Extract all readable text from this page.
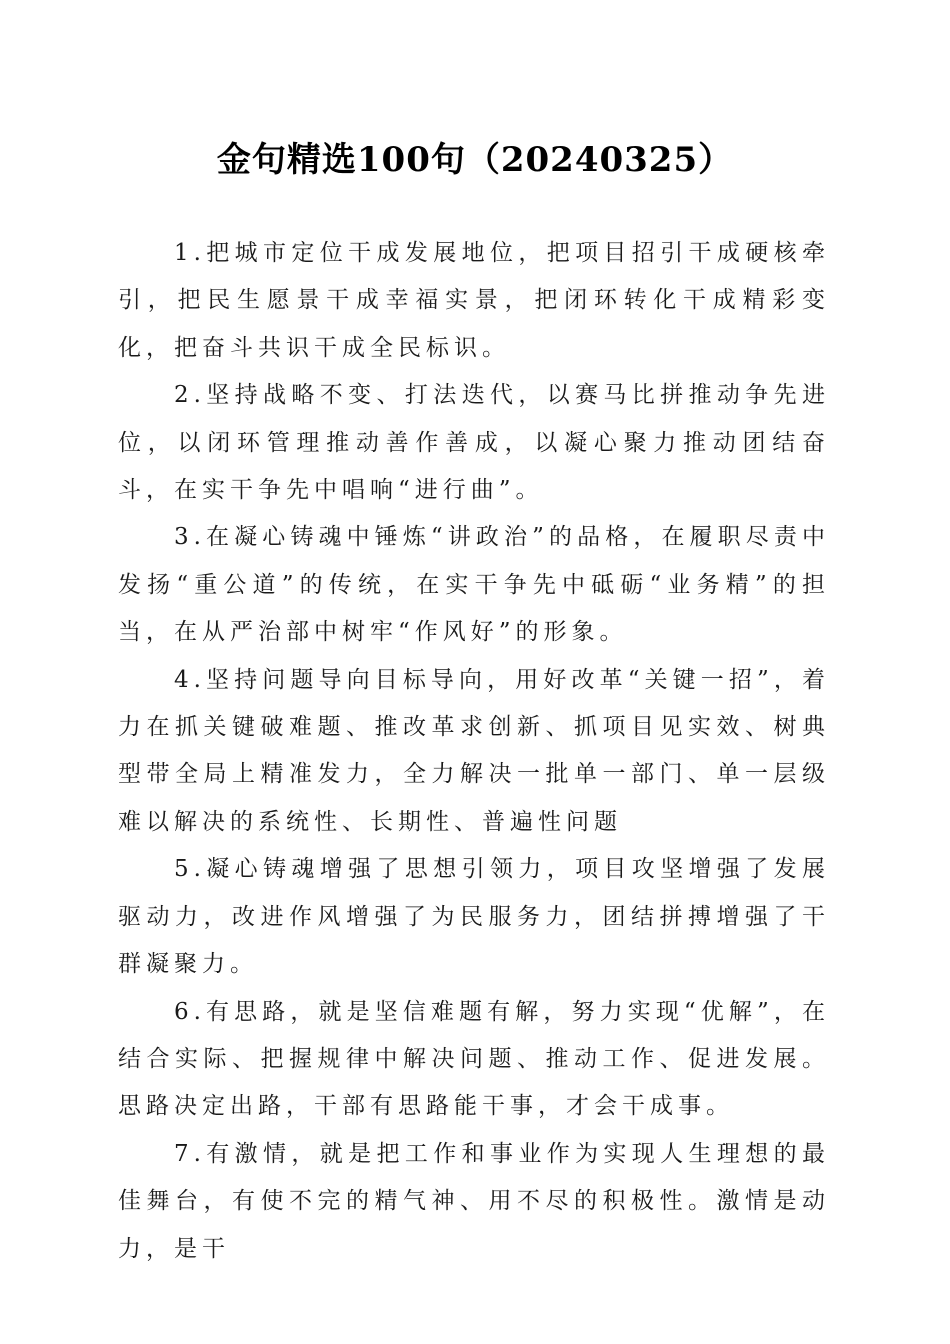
金句精选100句（20240325）

1.把城市定位干成发展地位，把项目招引干成硬核牵引，把民生愿景干成幸福实景，把闭环转化干成精彩变化，把奋斗共识干成全民标识。

2.坚持战略不变、打法迭代，以赛马比拼推动争先进位，以闭环管理推动善作善成，以凝心聚力推动团结奋斗，在实干争先中唱响“进行曲”。

3.在凝心铸魂中锤炼“讲政治”的品格，在履职尽责中发扬“重公道”的传统，在实干争先中砥砺“业务精”的担当，在从严治部中树牢“作风好”的形象。

4.坚持问题导向目标导向，用好改革“关键一招”，着力在抓关键破难题、推改革求创新、抓项目见实效、树典型带全局上精准发力，全力解决一批单一部门、单一层级难以解决的系统性、长期性、普遍性问题

5.凝心铸魂增强了思想引领力，项目攻坚增强了发展驱动力，改进作风增强了为民服务力，团结拼搏增强了干群凝聚力。

6.有思路，就是坚信难题有解，努力实现“优解”，在结合实际、把握规律中解决问题、推动工作、促进发展。思路决定出路，干部有思路能干事，才会干成事。

7.有激情，就是把工作和事业作为实现人生理想的最佳舞台，有使不完的精气神、用不尽的积极性。激情是动力，是干
